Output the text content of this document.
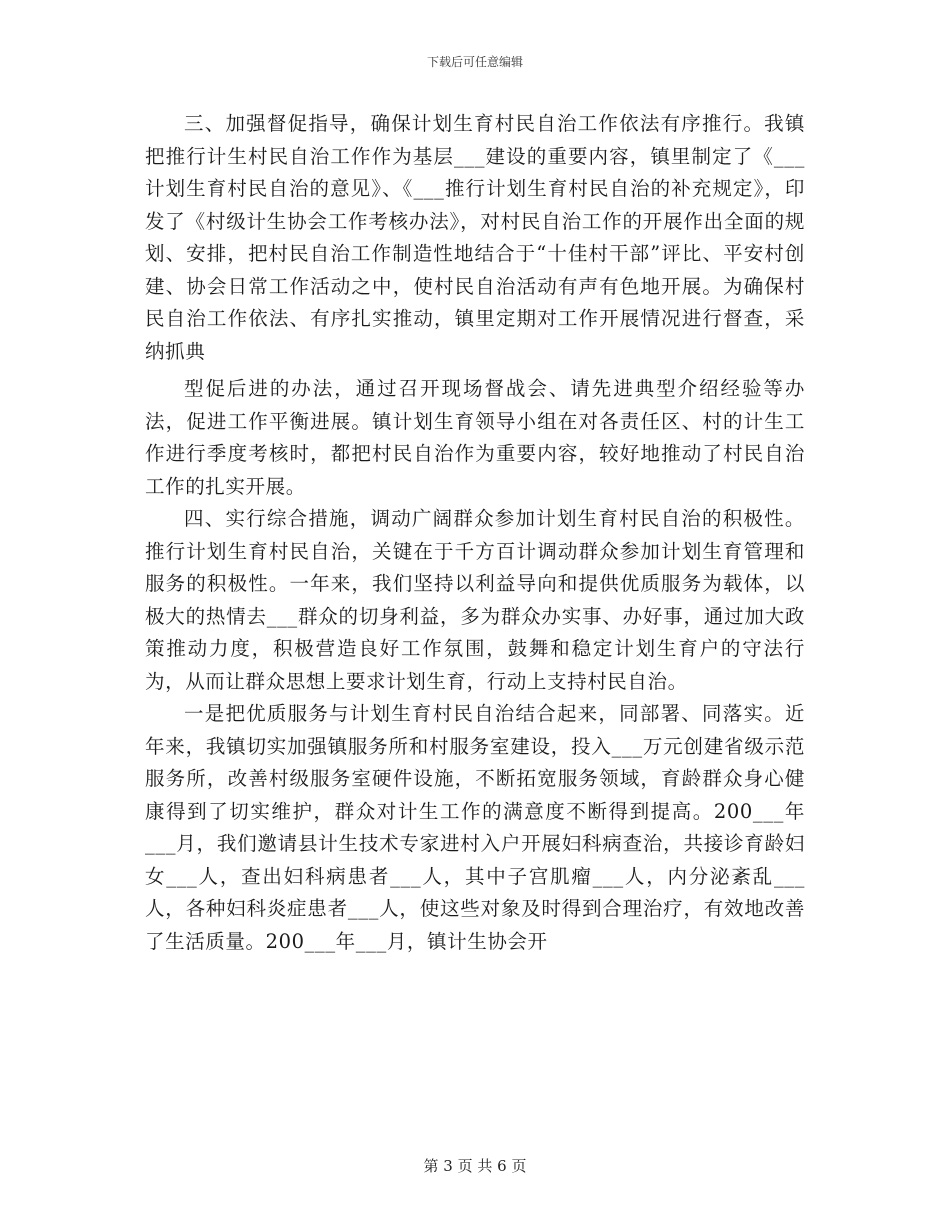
下载后可任意编辑

三、加强督促指导，确保计划生育村民自治工作依法有序推行。我镇把推行计生村民自治工作作为基层___建设的重要内容，镇里制定了《___计划生育村民自治的意见》、《___推行计划生育村民自治的补充规定》，印发了《村级计生协会工作考核办法》，对村民自治工作的开展作出全面的规划、安排，把村民自治工作制造性地结合于“十佳村干部”评比、平安村创建、协会日常工作活动之中，使村民自治活动有声有色地开展。为确保村民自治工作依法、有序扎实推动，镇里定期对工作开展情况进行督查，采纳抓典

型促后进的办法，通过召开现场督战会、请先进典型介绍经验等办法，促进工作平衡进展。镇计划生育领导小组在对各责任区、村的计生工作进行季度考核时，都把村民自治作为重要内容，较好地推动了村民自治工作的扎实开展。

四、实行综合措施，调动广阔群众参加计划生育村民自治的积极性。推行计划生育村民自治，关键在于千方百计调动群众参加计划生育管理和服务的积极性。一年来，我们坚持以利益导向和提供优质服务为载体，以极大的热情去___群众的切身利益，多为群众办实事、办好事，通过加大政策推动力度，积极营造良好工作氛围，鼓舞和稳定计划生育户的守法行为，从而让群众思想上要求计划生育，行动上支持村民自治。

一是把优质服务与计划生育村民自治结合起来，同部署、同落实。近年来，我镇切实加强镇服务所和村服务室建设，投入___万元创建省级示范服务所，改善村级服务室硬件设施，不断拓宽服务领域，育龄群众身心健康得到了切实维护，群众对计生工作的满意度不断得到提高。200___年___月，我们邀请县计生技术专家进村入户开展妇科病查治，共接诊育龄妇女___人，查出妇科病患者___人，其中子宫肌瘤___人，内分泌紊乱___人，各种妇科炎症患者___人，使这些对象及时得到合理治疗，有效地改善了生活质量。200___年___月，镇计生协会开

第 3 页 共 6 页
